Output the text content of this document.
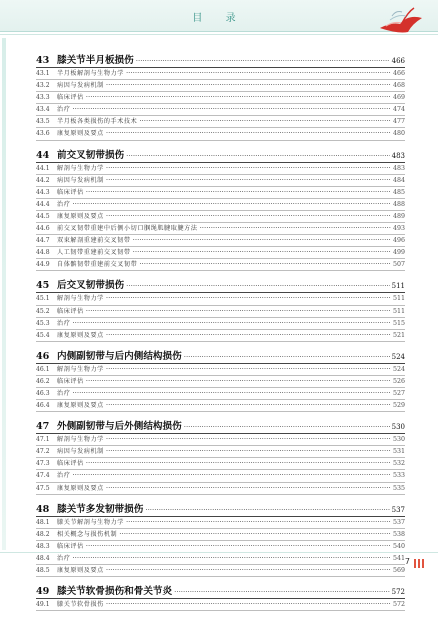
目 录
43 膝关节半月板损伤 ·····	466
43.1	半月板解剖与生物力学 ·····	466
43.2	病因与发病机制 ·····	468
43.3	临床评估 ·····	469
43.4	治疗 ·····	474
43.5	半月板各类损伤的手术技术 ·····	477
43.6	康复原则及要点 ·····	480
44 前交叉韧带损伤 ·····	483
44.1	解剖与生物力学 ·····	483
44.2	病因与发病机制 ·····	484
44.3	临床评估 ·····	485
44.4	治疗 ·····	488
44.5	康复原则及要点 ·····	489
44.6	前交叉韧带重建中后侧小切口腘绳肌腱取腱方法 ·····	493
44.7	双束解剖重建前交叉韧带 ·····	496
44.8	人工韧带重建前交叉韧带 ·····	499
44.9	自体髌韧带重建前交叉韧带 ·····	507
45 后交叉韧带损伤 ·····	511
45.1	解剖与生物力学 ·····	511
45.2	临床评估 ·····	511
45.3	治疗 ·····	515
45.4	康复原则及要点 ·····	521
46 内侧副韧带与后内侧结构损伤 ·····	524
46.1	解剖与生物力学 ·····	524
46.2	临床评估 ·····	526
46.3	治疗 ·····	527
46.4	康复原则及要点 ·····	529
47 外侧副韧带与后外侧结构损伤 ·····	530
47.1	解剖与生物力学 ·····	530
47.2	病因与发病机制 ·····	531
47.3	临床评估 ·····	532
47.4	治疗 ·····	533
47.5	康复原则及要点 ·····	535
48 膝关节多发韧带损伤 ·····	537
48.1	膝关节解剖与生物力学 ·····	537
48.2	相关概念与损伤机制 ·····	538
48.3	临床评估 ·····	540
48.4	治疗 ·····	541
48.5	康复原则及要点 ·····	569
49 膝关节软骨损伤和骨关节炎 ·····	572
49.1	膝关节软骨损伤 ·····	572
7
